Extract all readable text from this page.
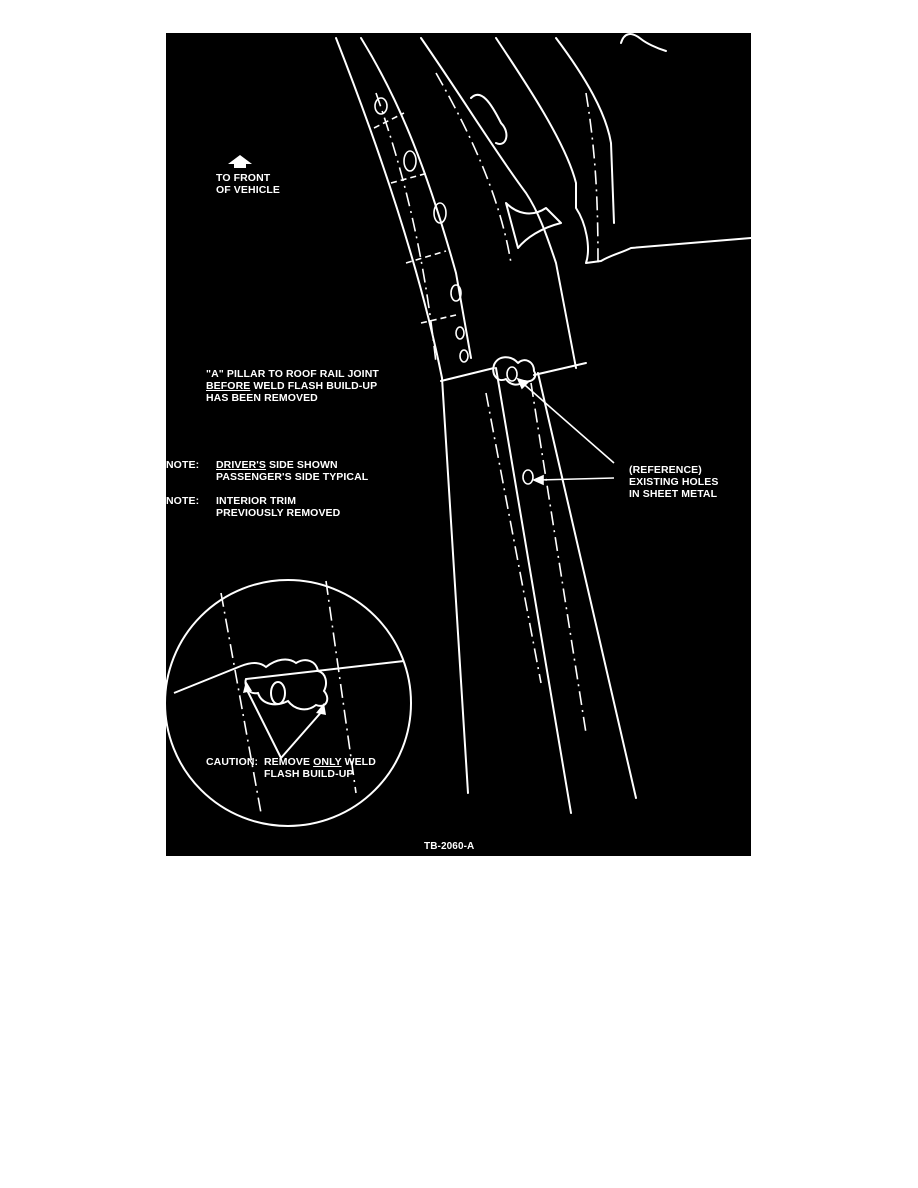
TO FRONT
OF VEHICLE
"A" PILLAR TO ROOF RAIL JOINT
BEFORE WELD FLASH BUILD-UP
HAS BEEN REMOVED
NOTE: DRIVER'S SIDE SHOWN
PASSENGER'S SIDE TYPICAL
NOTE: INTERIOR TRIM
PREVIOUSLY REMOVED
(REFERENCE)
EXISTING HOLES
IN SHEET METAL
CAUTION: REMOVE ONLY WELD
FLASH BUILD-UP
TB-2060-A
